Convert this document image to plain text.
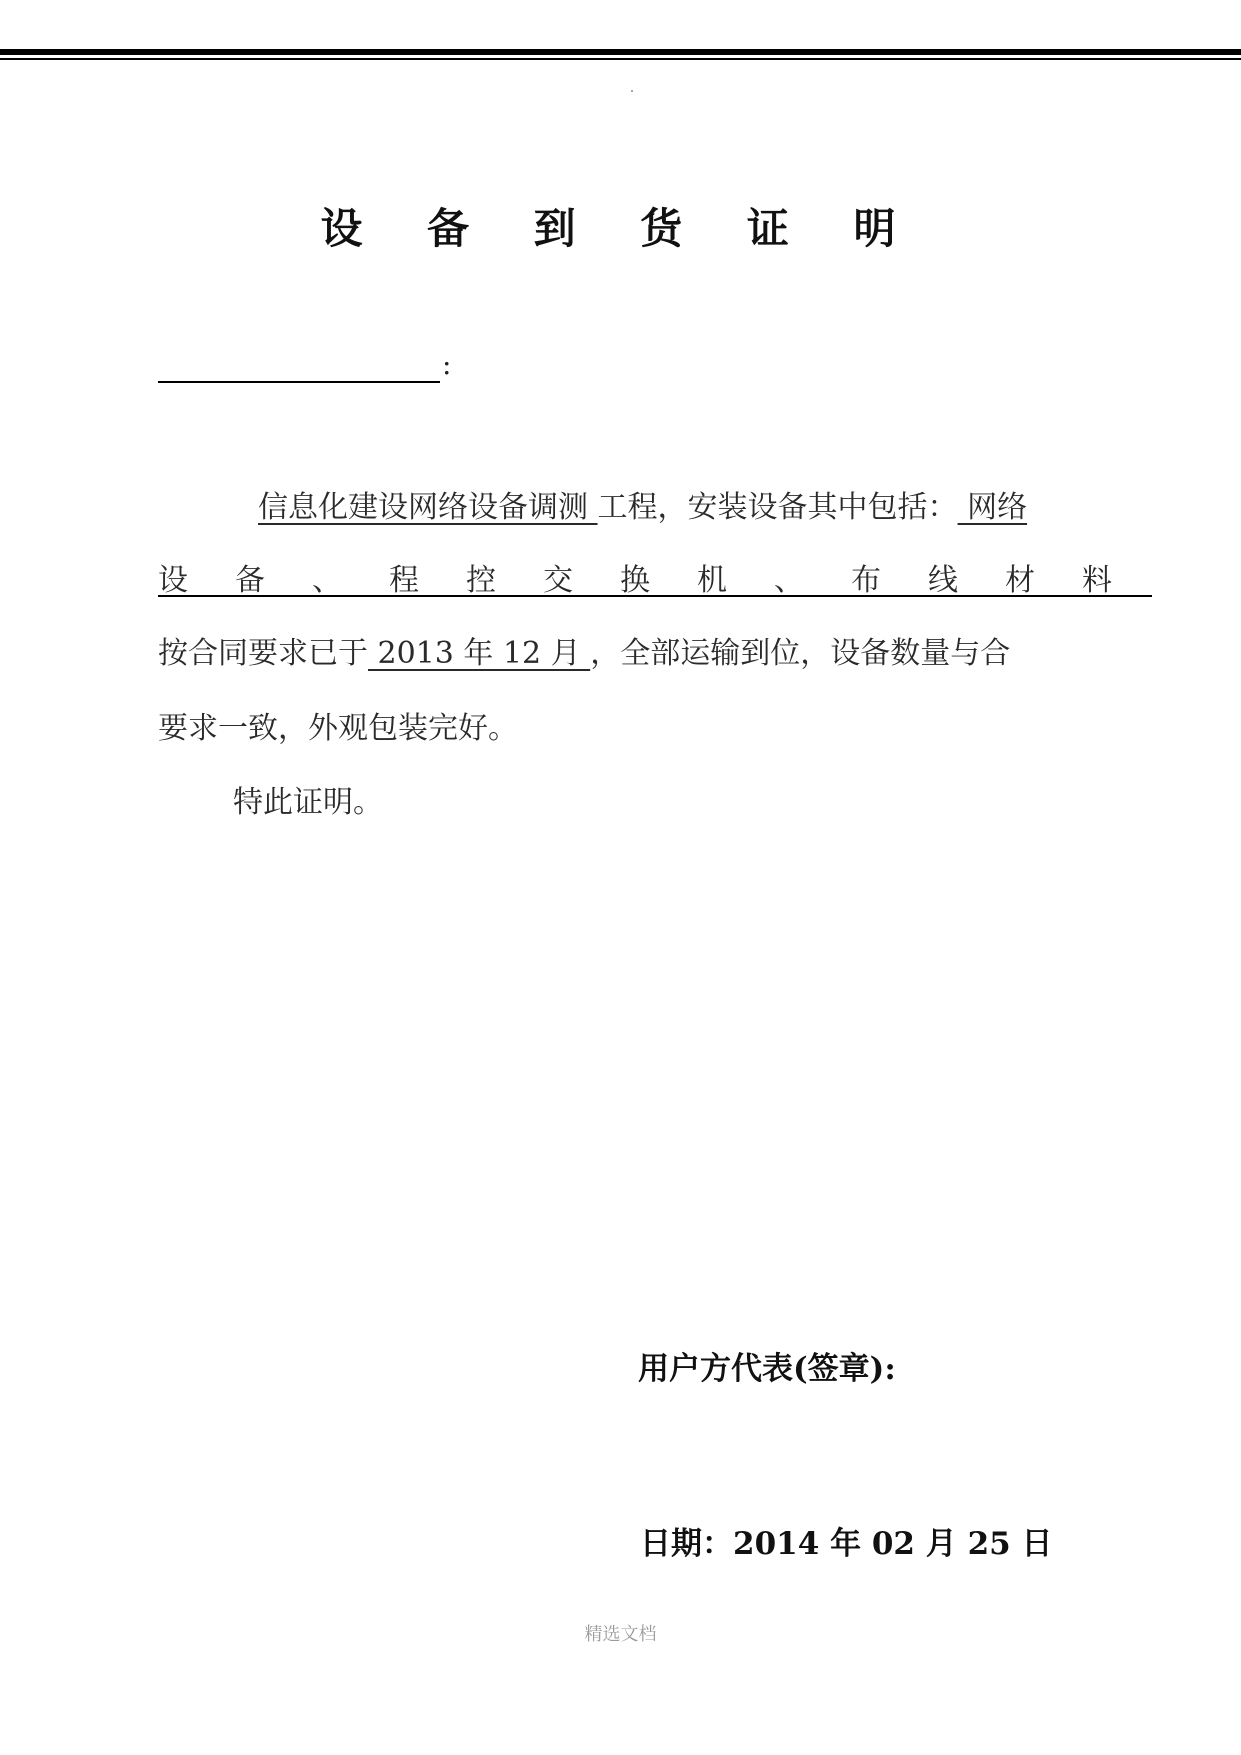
设 备 到 货 证 明
:
信息化建设网络设备调测 工程，安装设备其中包括： 网络
设 备 、 程 控 交 换 机 、 布 线 材 料
按合同要求已于 2013 年 12 月 ，全部运输到位，设备数量与合
要求一致，外观包装完好。
特此证明。
用户方代表(签章):
日期：2014 年 02 月 25 日
精选文档
